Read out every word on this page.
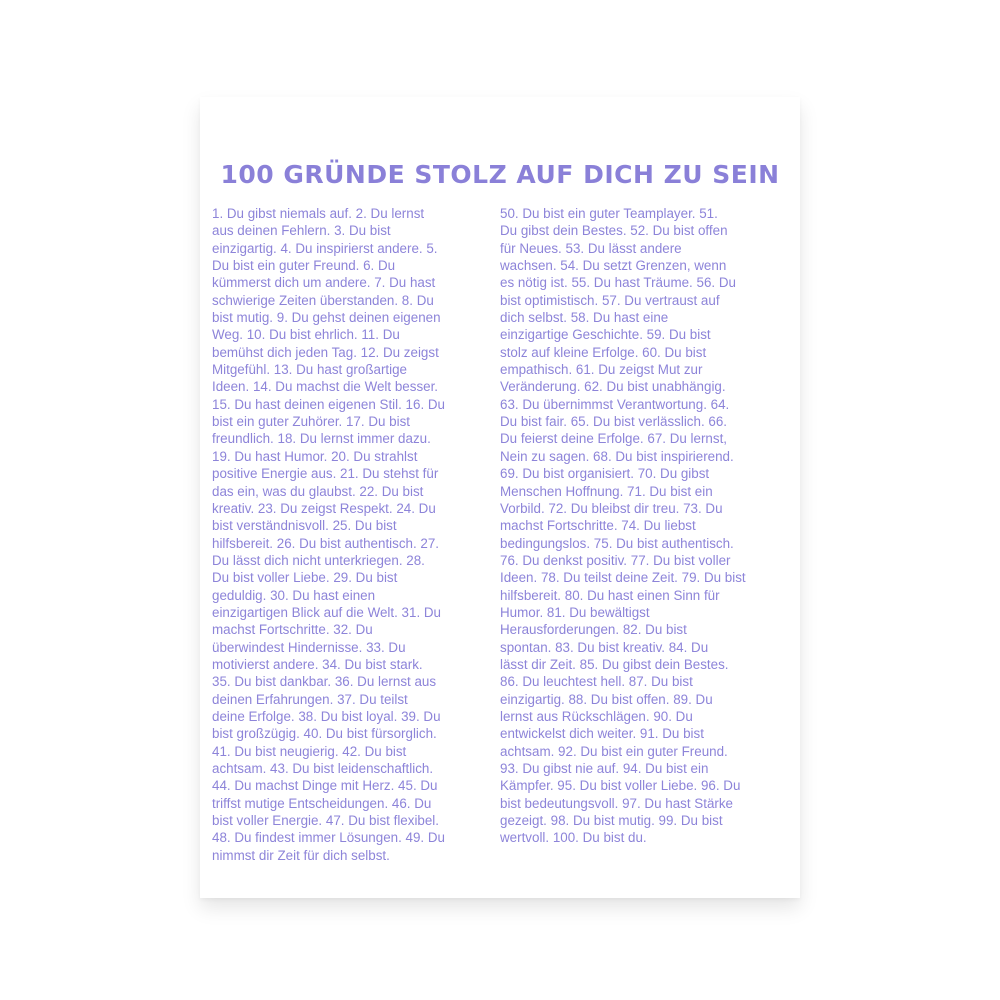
100 GRÜNDE STOLZ AUF DICH ZU SEIN

1. Du gibst niemals auf. 2. Du lernst
aus deinen Fehlern. 3. Du bist
einzigartig. 4. Du inspirierst andere. 5.
Du bist ein guter Freund. 6. Du
kümmerst dich um andere. 7. Du hast
schwierige Zeiten überstanden. 8. Du
bist mutig. 9. Du gehst deinen eigenen
Weg. 10. Du bist ehrlich. 11. Du
bemühst dich jeden Tag. 12. Du zeigst
Mitgefühl. 13. Du hast großartige
Ideen. 14. Du machst die Welt besser.
15. Du hast deinen eigenen Stil. 16. Du
bist ein guter Zuhörer. 17. Du bist
freundlich. 18. Du lernst immer dazu.
19. Du hast Humor. 20. Du strahlst
positive Energie aus. 21. Du stehst für
das ein, was du glaubst. 22. Du bist
kreativ. 23. Du zeigst Respekt. 24. Du
bist verständnisvoll. 25. Du bist
hilfsbereit. 26. Du bist authentisch. 27.
Du lässt dich nicht unterkriegen. 28.
Du bist voller Liebe. 29. Du bist
geduldig. 30. Du hast einen
einzigartigen Blick auf die Welt. 31. Du
machst Fortschritte. 32. Du
überwindest Hindernisse. 33. Du
motivierst andere. 34. Du bist stark.
35. Du bist dankbar. 36. Du lernst aus
deinen Erfahrungen. 37. Du teilst
deine Erfolge. 38. Du bist loyal. 39. Du
bist großzügig. 40. Du bist fürsorglich.
41. Du bist neugierig. 42. Du bist
achtsam. 43. Du bist leidenschaftlich.
44. Du machst Dinge mit Herz. 45. Du
triffst mutige Entscheidungen. 46. Du
bist voller Energie. 47. Du bist flexibel.
48. Du findest immer Lösungen. 49. Du
nimmst dir Zeit für dich selbst.

50. Du bist ein guter Teamplayer. 51.
Du gibst dein Bestes. 52. Du bist offen
für Neues. 53. Du lässt andere
wachsen. 54. Du setzt Grenzen, wenn
es nötig ist. 55. Du hast Träume. 56. Du
bist optimistisch. 57. Du vertraust auf
dich selbst. 58. Du hast eine
einzigartige Geschichte. 59. Du bist
stolz auf kleine Erfolge. 60. Du bist
empathisch. 61. Du zeigst Mut zur
Veränderung. 62. Du bist unabhängig.
63. Du übernimmst Verantwortung. 64.
Du bist fair. 65. Du bist verlässlich. 66.
Du feierst deine Erfolge. 67. Du lernst,
Nein zu sagen. 68. Du bist inspirierend.
69. Du bist organisiert. 70. Du gibst
Menschen Hoffnung. 71. Du bist ein
Vorbild. 72. Du bleibst dir treu. 73. Du
machst Fortschritte. 74. Du liebst
bedingungslos. 75. Du bist authentisch.
76. Du denkst positiv. 77. Du bist voller
Ideen. 78. Du teilst deine Zeit. 79. Du bist
hilfsbereit. 80. Du hast einen Sinn für
Humor. 81. Du bewältigst
Herausforderungen. 82. Du bist
spontan. 83. Du bist kreativ. 84. Du
lässt dir Zeit. 85. Du gibst dein Bestes.
86. Du leuchtest hell. 87. Du bist
einzigartig. 88. Du bist offen. 89. Du
lernst aus Rückschlägen. 90. Du
entwickelst dich weiter. 91. Du bist
achtsam. 92. Du bist ein guter Freund.
93. Du gibst nie auf. 94. Du bist ein
Kämpfer. 95. Du bist voller Liebe. 96. Du
bist bedeutungsvoll. 97. Du hast Stärke
gezeigt. 98. Du bist mutig. 99. Du bist
wertvoll. 100. Du bist du.
